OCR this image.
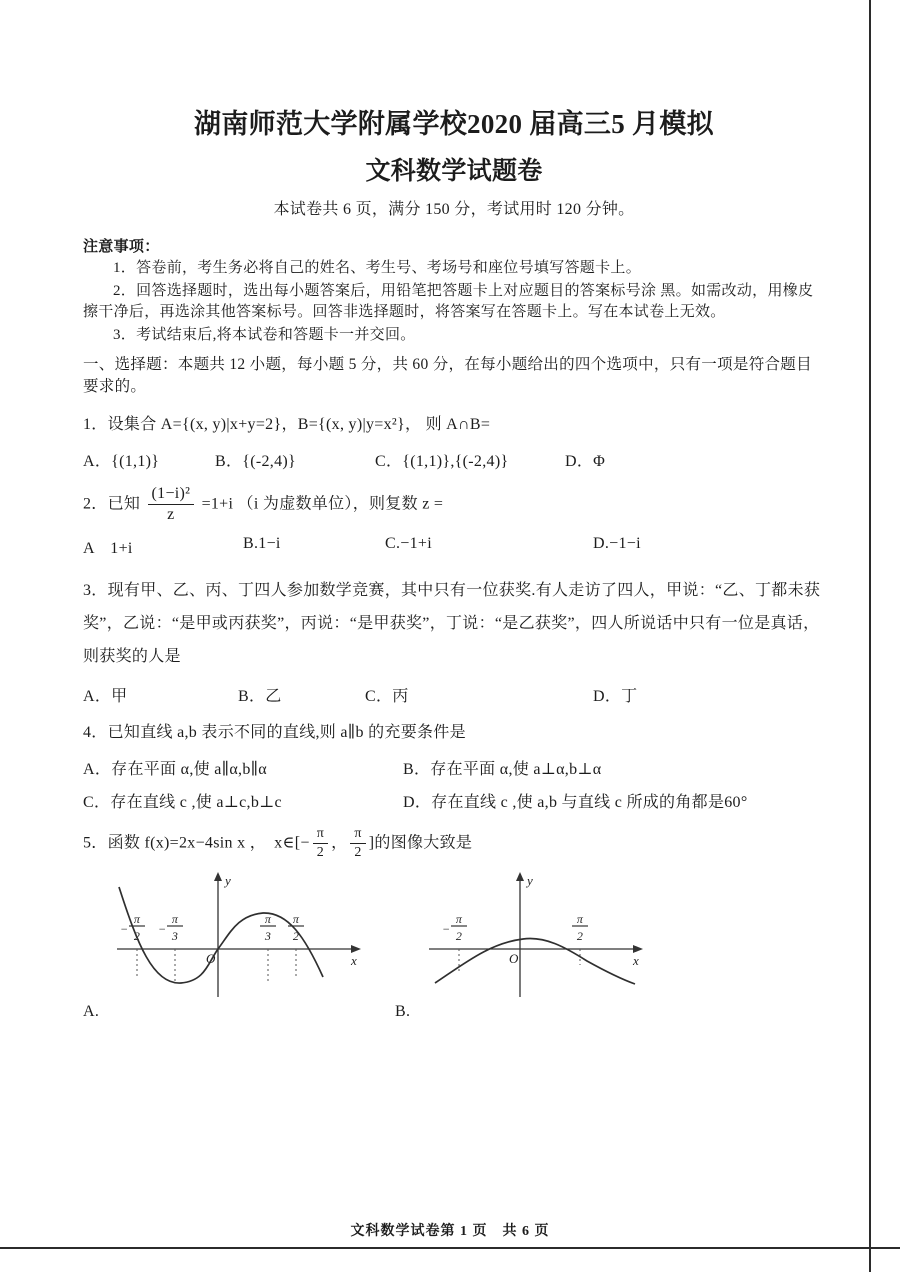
湖南师范大学附属学校2020 届高三5 月模拟
文科数学试题卷

本试卷共 6 页，满分 150 分，考试用时 120 分钟。

注意事项：

1．答卷前，考生务必将自己的姓名、考生号、考场号和座位号填写答题卡上。

2．回答选择题时，选出每小题答案后，用铅笔把答题卡上对应题目的答案标号涂 黑。如需改动，用橡皮擦干净后，再选涂其他答案标号。回答非选择题时，将答案写在答题卡上。写在本试卷上无效。

3．考试结束后,将本试卷和答题卡一并交回。

一、选择题：本题共 12 小题，每小题 5 分，共 60 分，在每小题给出的四个选项中，只有一项是符合题目要求的。

1．设集合 A={(x, y)|x+y=2}，B={(x, y)|y=x²}， 则 A∩B=

A．{(1,1)}	B．{(-2,4)}	C．{(1,1)},{(-2,4)}	D．Φ

2．已知 $\frac{\text{(1−i)²}}{z} =1+i$ （i 为虚数单位），则复数 z =

A　1+i	B.1−i	C.−1+i	D.−1−i

3．现有甲、乙、丙、丁四人参加数学竞赛，其中只有一位获奖.有人走访了四人，甲说：“乙、丁都未获奖”，乙说：“是甲或丙获奖”，丙说：“是甲获奖”，丁说：“是乙获奖”，四人所说话中只有一位是真话，则获奖的人是

A．甲	B．乙	C．丙	D．丁

4．已知直线 a,b 表示不同的直线,则 a∥b 的充要条件是

A．存在平面 α,使 a∥α,b∥α	B．存在平面 α,使 a⊥α,b⊥α
C．存在直线 c ,使 a⊥c,b⊥c	D．存在直线 c ,使 a,b 与直线 c 所成的角都是60°

5．函数 f(x)=2x−4sin x ，　x∈[− $\frac{\pi}{2}$ ， $\frac{\pi}{2}$ ]的图像大致是

y
x
O
−
π
2 −
π
3
π
3
π
2
y
x
O
−
π
2
π
2
A.	B.
文科数学试卷第 1 页　共 6 页
